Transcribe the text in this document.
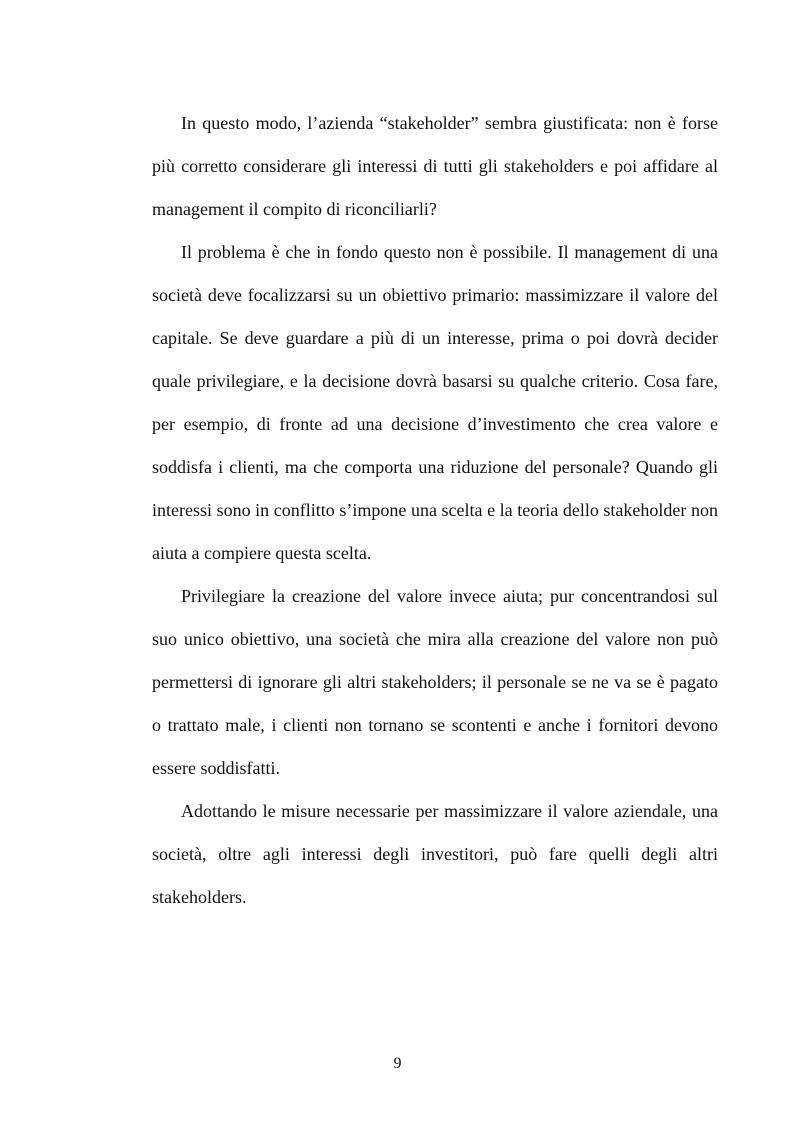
In questo modo, l’azienda “stakeholder” sembra giustificata: non è forse più corretto considerare gli interessi di tutti gli stakeholders e poi affidare al management il compito di riconciliarli?

Il problema è che in fondo questo non è possibile. Il management di una società deve focalizzarsi su un obiettivo primario: massimizzare il valore del capitale. Se deve guardare a più di un interesse, prima o poi dovrà decider quale privilegiare, e la decisione dovrà basarsi su qualche criterio. Cosa fare, per esempio, di fronte ad una decisione d’investimento che crea valore e soddisfa i clienti, ma che comporta una riduzione del personale? Quando gli interessi sono in conflitto s’impone una scelta e la teoria dello stakeholder non aiuta a compiere questa scelta.

Privilegiare la creazione del valore invece aiuta; pur concentrandosi sul suo unico obiettivo, una società che mira alla creazione del valore non può permettersi di ignorare gli altri stakeholders; il personale se ne va se è pagato o trattato male, i clienti non tornano se scontenti e anche i fornitori devono essere soddisfatti.

Adottando le misure necessarie per massimizzare il valore aziendale, una società, oltre agli interessi degli investitori, può fare quelli degli altri stakeholders.

9
